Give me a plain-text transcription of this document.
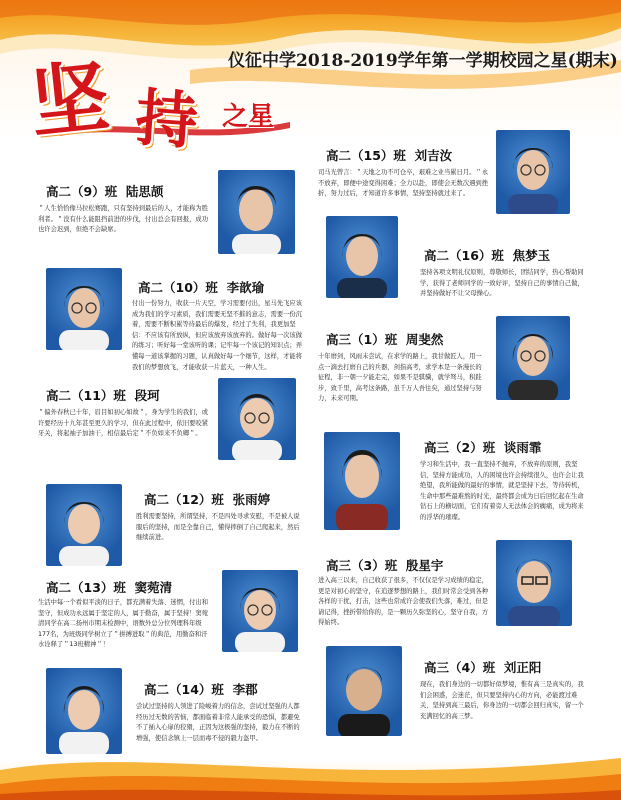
坚 持 之星
仪征中学2018-2019学年第一学期校园之星(期末)
高二（9）班 陆思颉

＂人生恰恰像马拉松赛跑，只有坚持到最后的人，才能称为胜利者。＂没有什么能阻挡前进的步伐，付出总会有回报，成功也许会迟到，但绝不会缺席。

高二（15）班 刘吉汝

司马光曾言：＂天地之功不可仓卒，艰难之业当累日月。＂永不放弃，即便中途变得困难；全力以赴，即使会无数次遇到挫折，努力过后，才知道许多事情，坚持坚持就过来了。

高二（10）班 李歆瑜

付出一份努力，收获一片天空，学习需要付出，星马先飞应该成为我们的学习素质，我们需要无坚不摧的意志，需要一份沉着，需要不断积累等待最后的爆发，经过了失利，我更加坚信：不应该有所放纵，但应该放弃该放弃的。做好每一次该做的练习；听好每一堂该听的课；记牢每一个该记的知识点；弄懂每一道该掌握的习题，认真做好每一个细节，这样，才能将我们的梦想放飞，才能收获一片蓝天，一种人生。

高二（16）班 焦梦玉

坚持各项文明礼仪原则，尊敬师长，团结同学，热心帮助同学，获得了老师同学的一致好评，坚持自己的事情自己做，并坚持做好不让父母操心。

高三（1）班 周斐然

十年磨剑，风雨未尝试，在求学的路上，我甘做匠人，用一点一滴去打磨自己的兵器，剑指高考，求学本是一条漫长的征程，非一朝一夕能走完，如果不是骐骥，就学驽马，积跬步，致千里，高考这条路，虽千万人吾往矣，通过坚持与努力，未来可期。

高二（11）班 段珂

＂偏外春秋已十年，眉目如初心如故＂，身为学生的我们，或许要经历十九年甚至更久的学习，但在此过程中，依旧要咬紧牙关，将起袖子加油干，相信最后定＂不负如来不负卿＂。

高三（2）班 谈雨霏

学习和生活中，我一直坚持不抛弃，不放弃的原则，我坚信，坚持方能成功，人的困境也许会持续很久，也许会让我绝望，我所能做的最好的事情，就是坚持下去，等待转机，生命中那些最难熬的时光，最终都会成为日后回忆起在生命钻石上的横切面，它们有着旁人无法体会的瘸痛，成为将来的浮华的璀璨。

高二（12）班 张雨婷

胜利需要坚持，所谓坚持，不是四处寻求安慰，不是被人说服后的坚持，而是全靠自己，懂得摔倒了自己爬起来，然后继续前进。

高三（3）班 殷星宇

进入高三以来，自己收获了很多，不仅仅是学习成绩的稳定，更是对初心的坚守，在追逐梦想的路上，我们时常会受到各种各样的干扰，打击，这些也常成许会使我们失落，难过，但是请记得，挫折带给你的，是一颗历久弥坚的心，坚守自我，方得始终。

高二（13）班 窦菀清

生活中每一个看似平淡的日子，都充满着失落、迷惘，付出和坚守，但成功永远属于坚定的人，属于勤奋，属于坚持！窦菀清同学在高二扬州市期末检测中，语数外总分位列理科年级177名，为班级同学树立了＂拼搏进取＂的典范，用勤奋和汗水诠释了＂13班精神＂！

高三（4）班 刘正阳

现在，我们身边的一切都好似梦境，惟有高三是真实的，我们会困惑，会迷茫，但只要坚持内心的方向，必能渡过难关，坚持到高三最后，你身边的一切都会回归真实，留一个充满回忆的高三梦。

高二（14）班 李郡

尝试过坚持的人领进了险峻着力的信念，尝试过坚强的人都经历过无数的苦恼，都面临着非常人能承受的恐惧，都避免不了插入心扉的狡猾，正因为这极强的坚持，毅力在不断的增强，使信念镇上一层而毒不侵的毅力盔甲。
